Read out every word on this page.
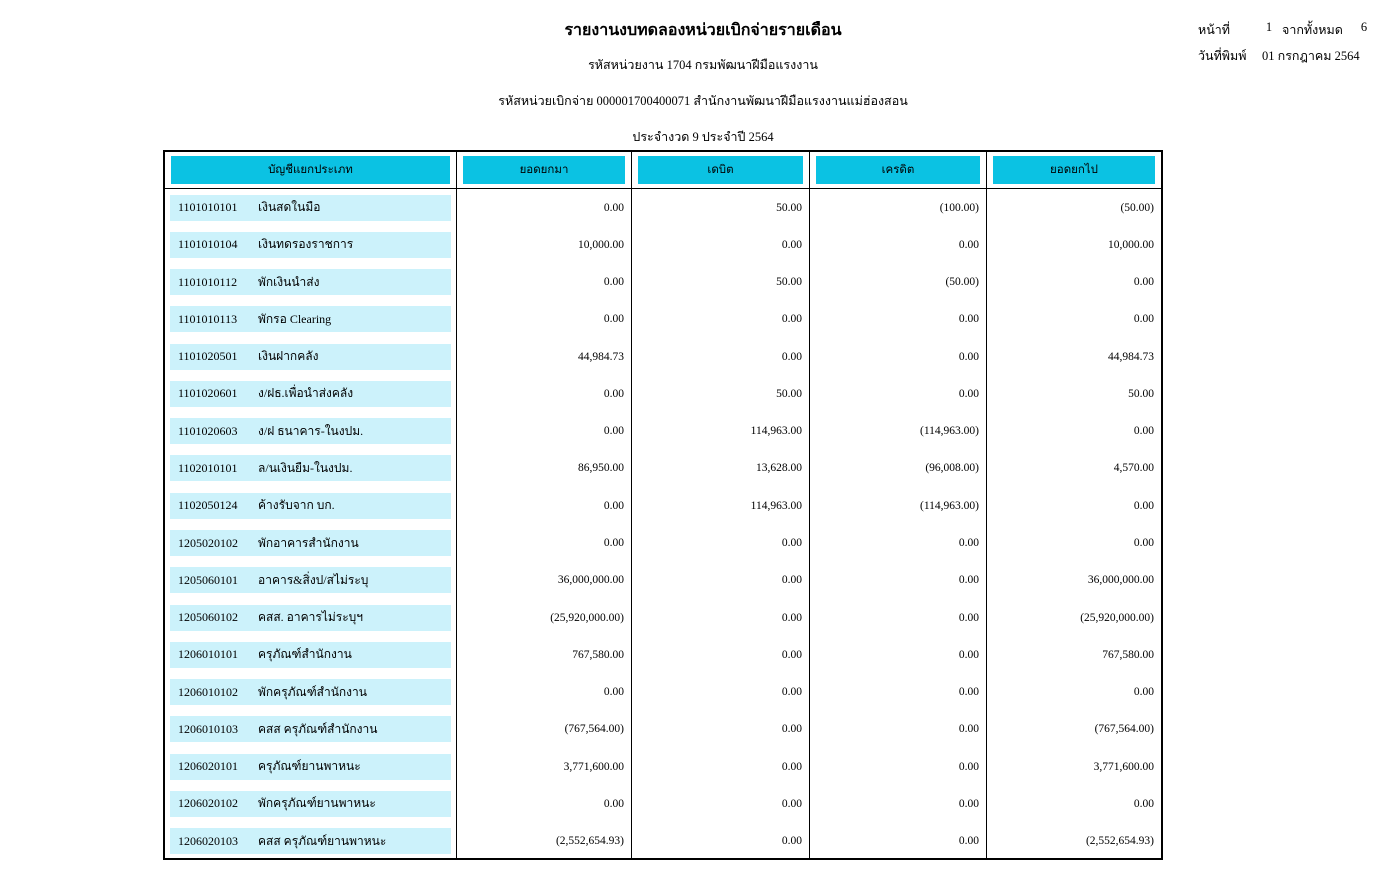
รายงานงบทดลองหน่วยเบิกจ่ายรายเดือน
รหัสหน่วยงาน 1704 กรมพัฒนาฝีมือแรงงาน
รหัสหน่วยเบิกจ่าย 000001700400071 สำนักงานพัฒนาฝีมือแรงงานแม่ฮ่องสอน
ประจำงวด 9 ประจำปี 2564
หน้าที่	1 จากทั้งหมด	6
วันที่พิมพ์	01 กรกฎาคม 2564
บัญชีแยกประเภท	ยอดยกมา	เดบิต	เครดิต	ยอดยกไป
1101010101	เงินสดในมือ	0.00	50.00	(100.00)	(50.00)
1101010104	เงินทดรองราชการ	10,000.00	0.00	0.00	10,000.00
1101010112	พักเงินนำส่ง	0.00	50.00	(50.00)	0.00
1101010113	พักรอ Clearing	0.00	0.00	0.00	0.00
1101020501	เงินฝากคลัง	44,984.73	0.00	0.00	44,984.73
1101020601	ง/ฝธ.เพื่อนำส่งคลัง	0.00	50.00	0.00	50.00
1101020603	ง/ฝ ธนาคาร-ในงปม.	0.00	114,963.00	(114,963.00)	0.00
1102010101	ล/นเงินยืม-ในงปม.	86,950.00	13,628.00	(96,008.00)	4,570.00
1102050124	ค้างรับจาก บก.	0.00	114,963.00	(114,963.00)	0.00
1205020102	พักอาคารสำนักงาน	0.00	0.00	0.00	0.00
1205060101	อาคาร&สิ่งป/สไม่ระบุ	36,000,000.00	0.00	0.00	36,000,000.00
1205060102	คสส. อาคารไม่ระบุฯ	(25,920,000.00)	0.00	0.00	(25,920,000.00)
1206010101	ครุภัณฑ์สำนักงาน	767,580.00	0.00	0.00	767,580.00
1206010102	พักครุภัณฑ์สำนักงาน	0.00	0.00	0.00	0.00
1206010103	คสส ครุภัณฑ์สำนักงาน	(767,564.00)	0.00	0.00	(767,564.00)
1206020101	ครุภัณฑ์ยานพาหนะ	3,771,600.00	0.00	0.00	3,771,600.00
1206020102	พักครุภัณฑ์ยานพาหนะ	0.00	0.00	0.00	0.00
1206020103	คสส ครุภัณฑ์ยานพาหนะ	(2,552,654.93)	0.00	0.00	(2,552,654.93)
